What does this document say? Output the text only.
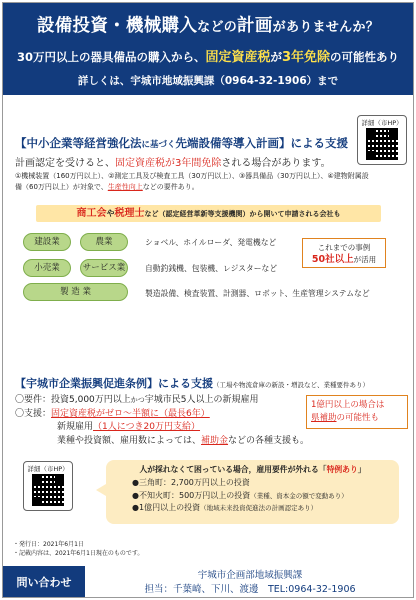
設備投資・機械購入などの計画がありませんか？
30万円以上の器具備品の購入から、固定資産税が3年免除の可能性あり
詳しくは、宇城市地域振興課（0964-32-1906）まで
詳細（市HP）
【中小企業等経営強化法に基づく先端設備等導入計画】による支援
計画認定を受けると、固定資産税が3年間免除される場合があります。
①機械装置（160万円以上）、②測定工具及び検査工具（30万円以上）、③器具備品（30万円以上）、④建物附属設
備（60万円以上）が対象で、生産性向上などの要件あり。
商工会や税理士など（認定経営革新等支援機関）から開いて申請される会社も
建設業	農業	ショベル、ホイルローダ、発電機など
小売業	サービス業	自動釣銭機、包装機、レジスターなど
製 造 業	製造設備、検査装置、計測器、ロボット、生産管理システムなど
これまでの事例
50社以上が活用
【宇城市企業振興促進条例】による支援（工場や物流倉庫の新設・増設など、業種要件あり）
〇要件：投資5,000万円以上かつ宇城市民5人以上の新規雇用
〇支援：固定資産税がゼロ〜半額に（最長6年）
新規雇用（1人につき20万円支給）
業種や投資額、雇用数によっては、補助金などの各種支援も。
1億円以上の場合は
県補助の可能性も
詳細（市HP）	人が採れなくて困っている場合，雇用要件が外れる「特例あり」
●三角町：2,700万円以上の投資
●不知火町：500万円以上の投資（業種、資本金の額で変動あり）
●1億円以上の投資（地域未来投資促進法の計画認定あり）
・発行日：2021年6月1日
・記載内容は、2021年6月1日現在のものです。
問い合わせ
宇城市企画部地域振興課
担当：千葉崎、下川、渡邊　TEL:0964-32-1906
